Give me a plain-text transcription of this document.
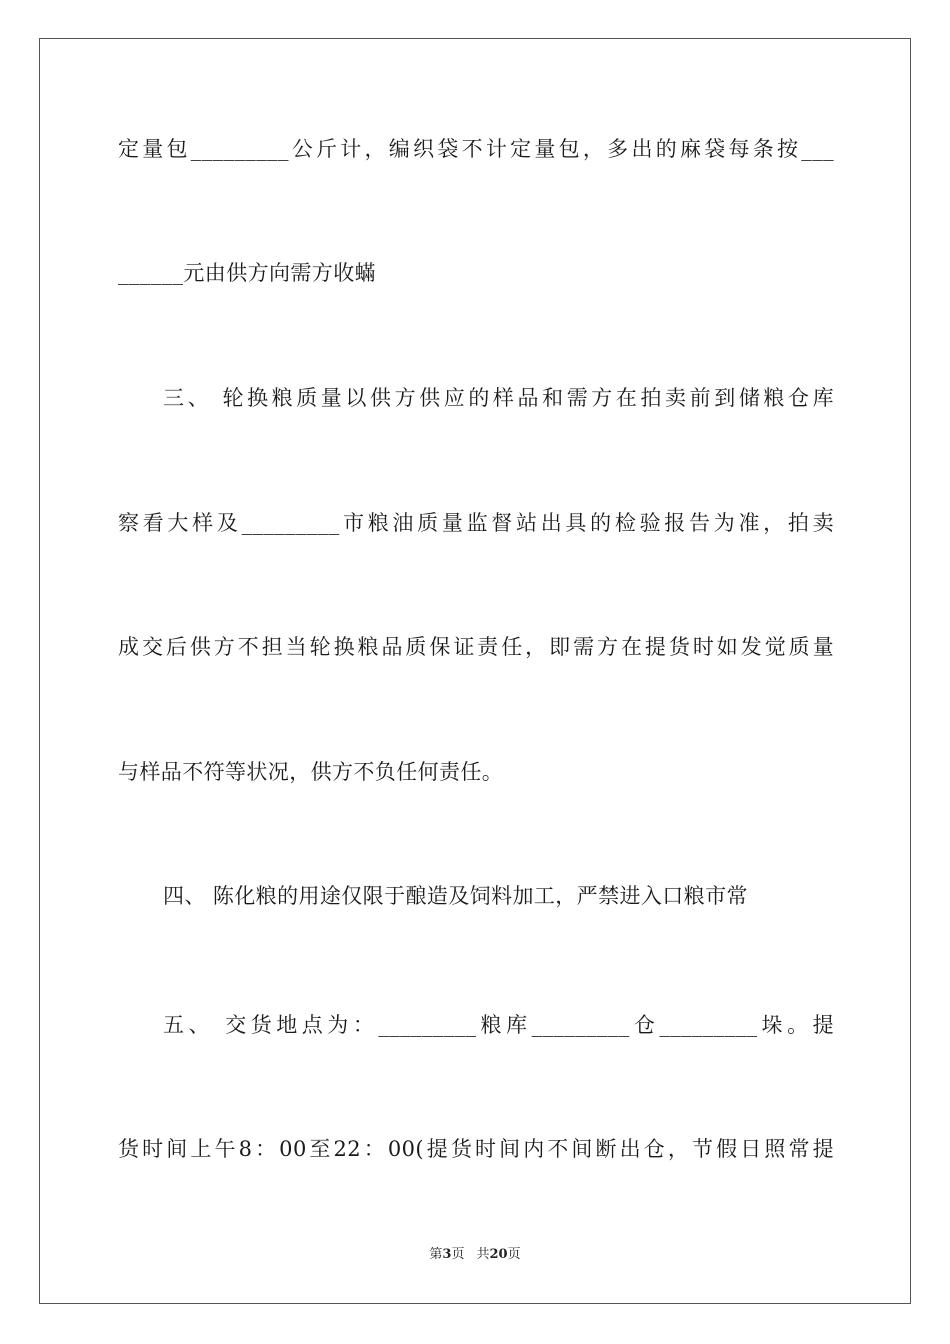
定量包_________公斤计，编织袋不计定量包，多出的麻袋每条按___
______元由供方向需方收蟎
三、 轮换粮质量以供方供应的样品和需方在拍卖前到储粮仓库
察看大样及_________市粮油质量监督站出具的检验报告为准，拍卖
成交后供方不担当轮换粮品质保证责任，即需方在提货时如发觉质量
与样品不符等状况，供方不负任何责任。
四、 陈化粮的用途仅限于酿造及饲料加工，严禁进入口粮市常
五、 交货地点为：_________粮库_________仓_________垛。提
货时间上午8：00至22：00(提货时间内不间断出仓，节假日照常提
第3页 共20页
